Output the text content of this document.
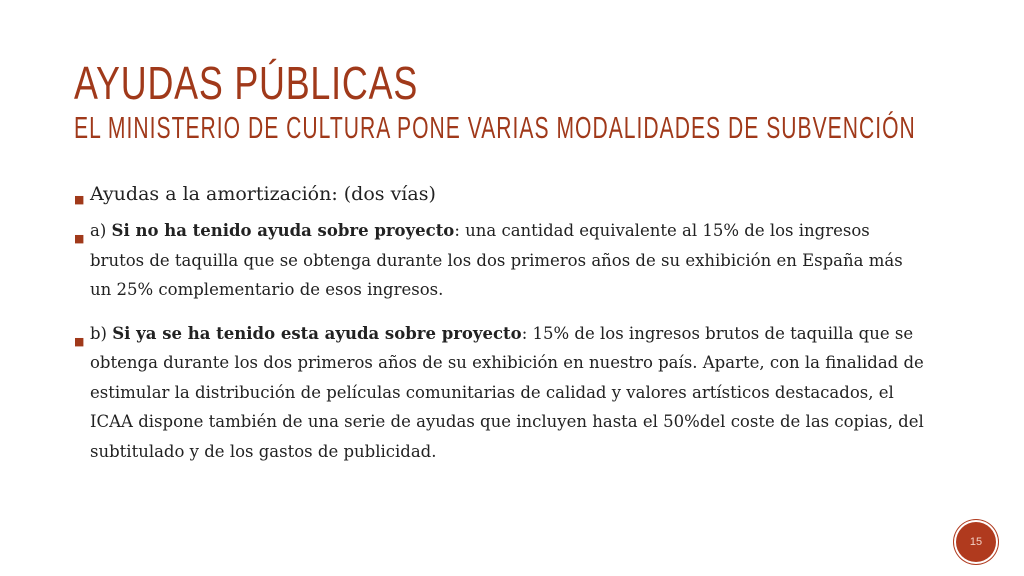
AYUDAS PÚBLICAS
EL MINISTERIO DE CULTURA PONE VARIAS MODALIDADES DE SUBVENCIÓN

■ Ayudas a la amortización: (dos vías)

■ a) Si no ha tenido ayuda sobre proyecto: una cantidad equivalente al 15% de los ingresos brutos de taquilla que se obtenga durante los dos primeros años de su exhibición en España más un 25% complementario de esos ingresos.

■ b) Si ya se ha tenido esta ayuda sobre proyecto: 15% de los ingresos brutos de taquilla que se obtenga durante los dos primeros años de su exhibición en nuestro país. Aparte, con la finalidad de estimular la distribución de películas comunitarias de calidad y valores artísticos destacados, el ICAA dispone también de una serie de ayudas que incluyen hasta el 50%del coste de las copias, del subtitulado y de los gastos de publicidad.

15
